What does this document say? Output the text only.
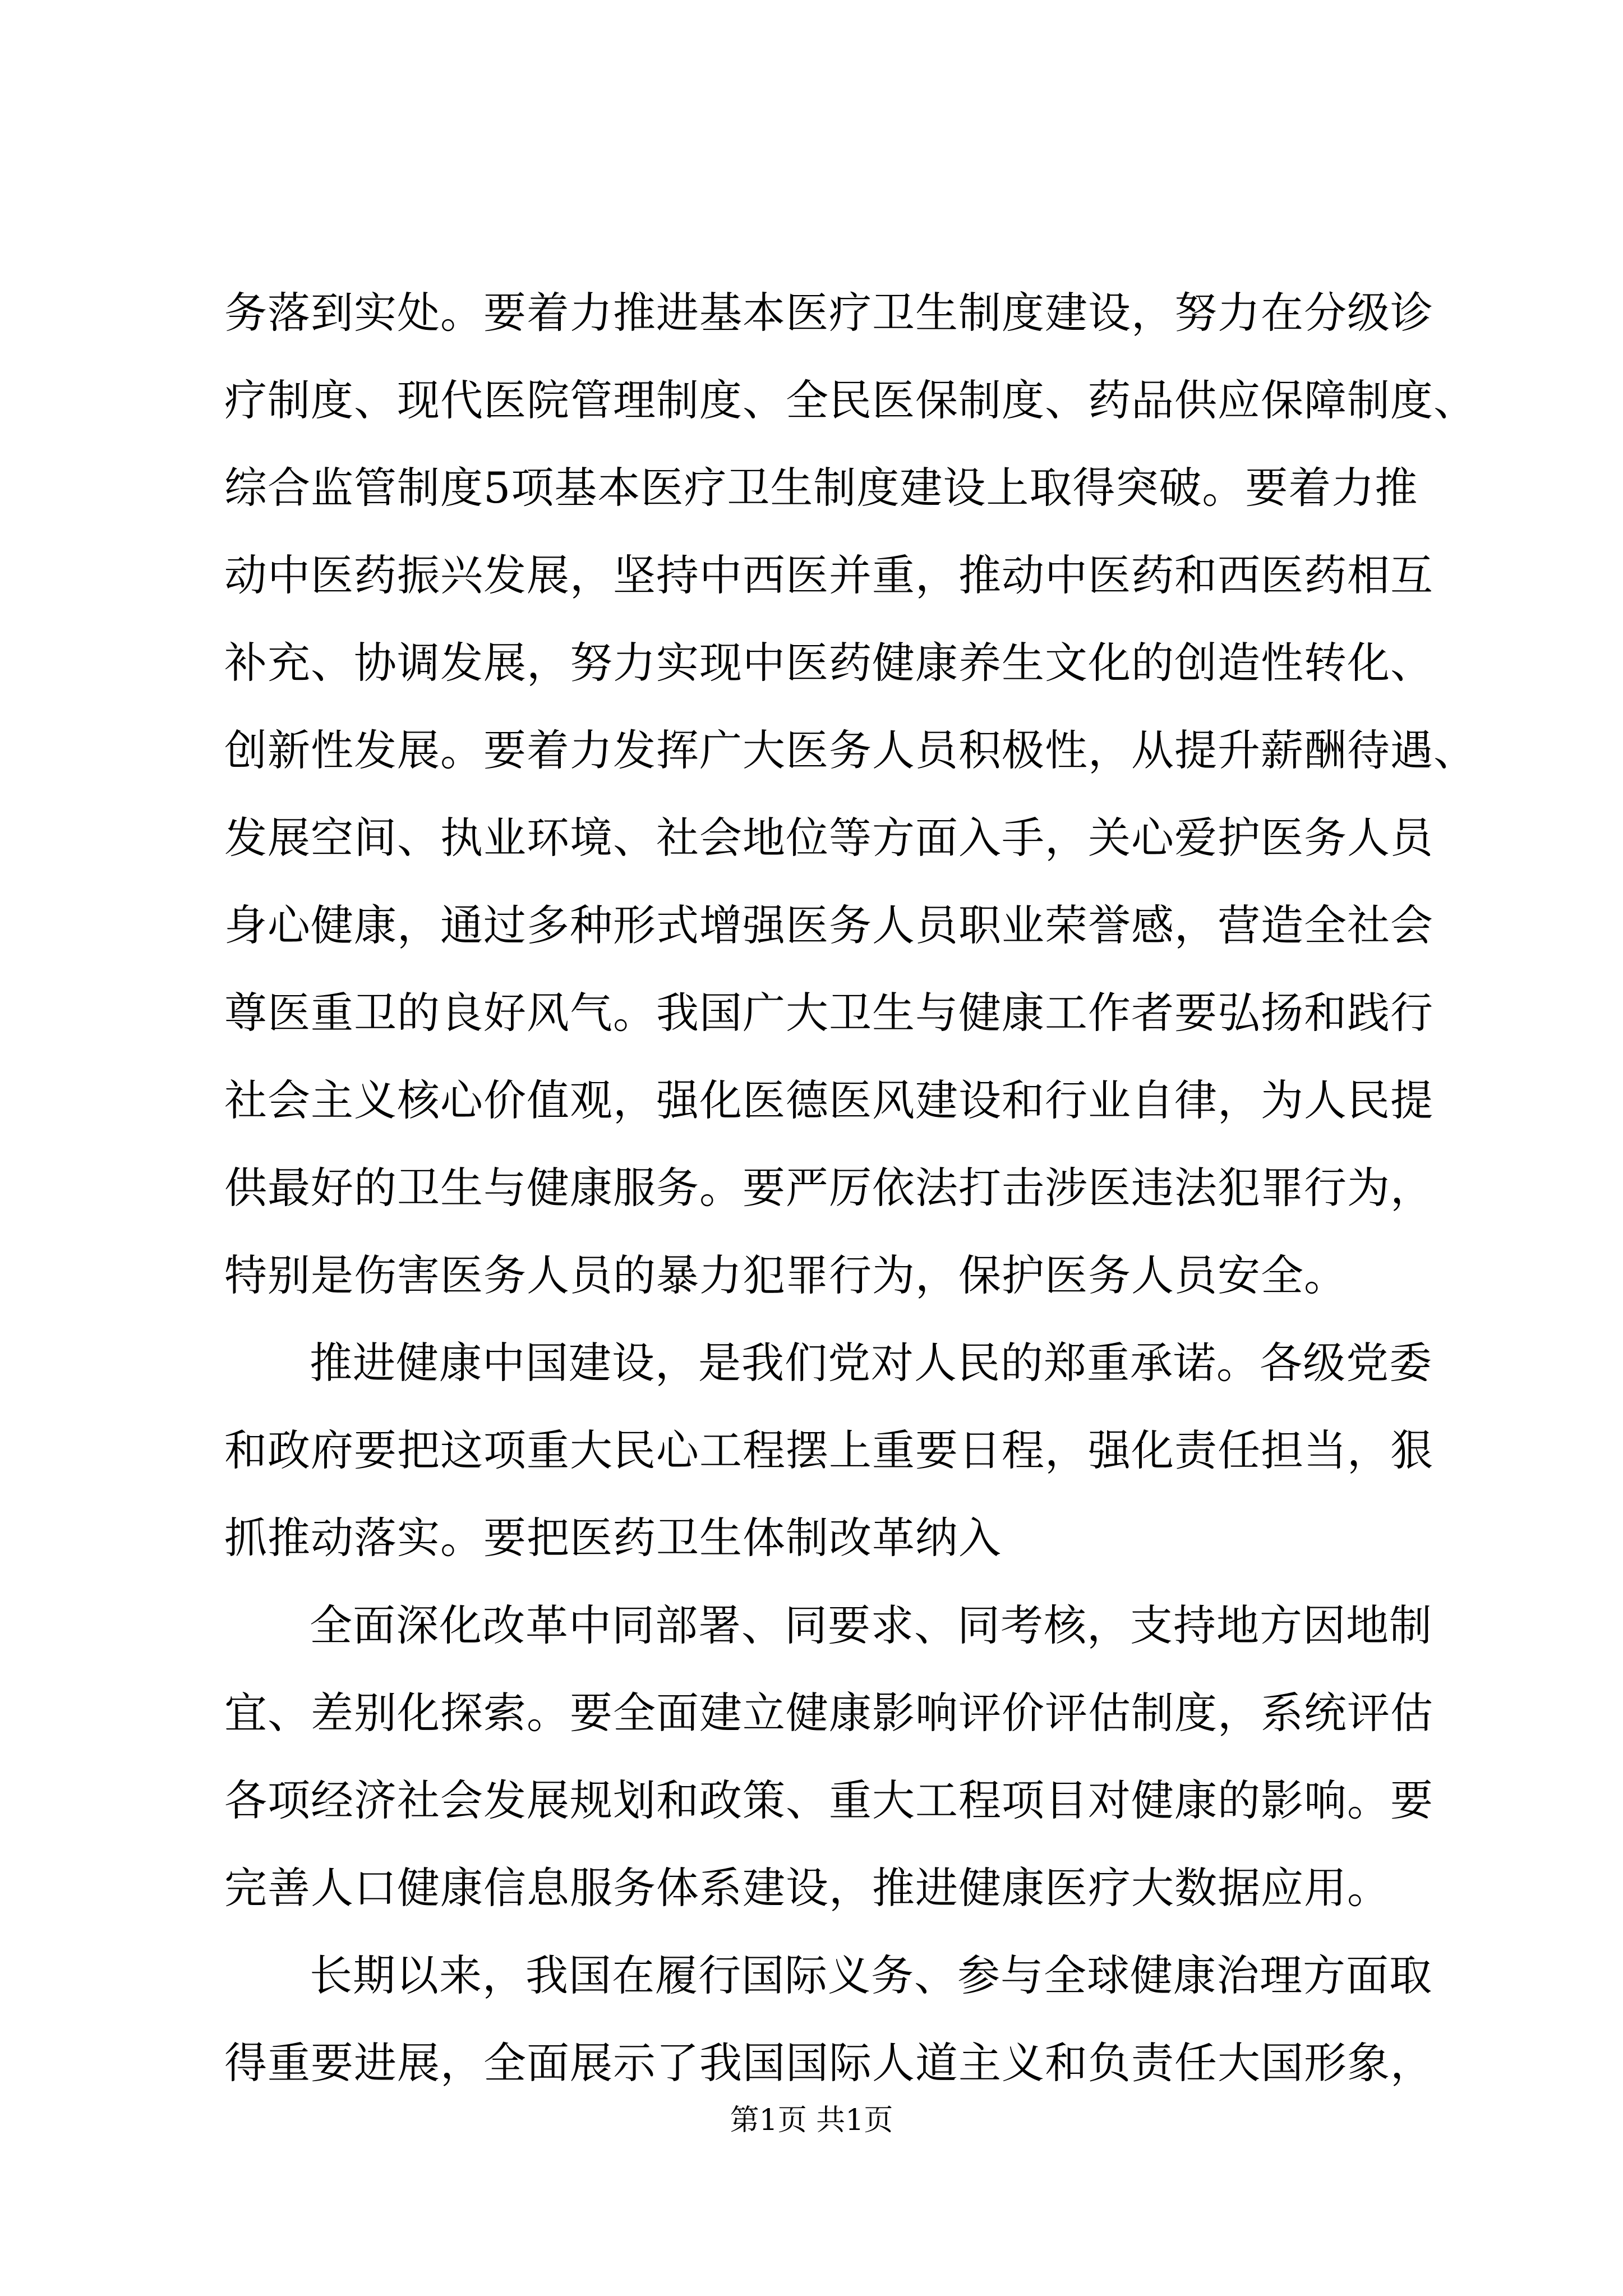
务落到实处。要着力推进基本医疗卫生制度建设，努力在分级诊
疗制度、现代医院管理制度、全民医保制度、药品供应保障制度、
综合监管制度5项基本医疗卫生制度建设上取得突破。要着力推
动中医药振兴发展，坚持中西医并重，推动中医药和西医药相互
补充、协调发展，努力实现中医药健康养生文化的创造性转化、
创新性发展。要着力发挥广大医务人员积极性，从提升薪酬待遇、
发展空间、执业环境、社会地位等方面入手，关心爱护医务人员
身心健康，通过多种形式增强医务人员职业荣誉感，营造全社会
尊医重卫的良好风气。我国广大卫生与健康工作者要弘扬和践行
社会主义核心价值观，强化医德医风建设和行业自律，为人民提
供最好的卫生与健康服务。要严厉依法打击涉医违法犯罪行为，
特别是伤害医务人员的暴力犯罪行为，保护医务人员安全。

推进健康中国建设，是我们党对人民的郑重承诺。各级党委
和政府要把这项重大民心工程摆上重要日程，强化责任担当，狠
抓推动落实。要把医药卫生体制改革纳入

全面深化改革中同部署、同要求、同考核，支持地方因地制
宜、差别化探索。要全面建立健康影响评价评估制度，系统评估
各项经济社会发展规划和政策、重大工程项目对健康的影响。要
完善人口健康信息服务体系建设，推进健康医疗大数据应用。

长期以来，我国在履行国际义务、参与全球健康治理方面取
得重要进展，全面展示了我国国际人道主义和负责任大国形象，

第1页 共1页
